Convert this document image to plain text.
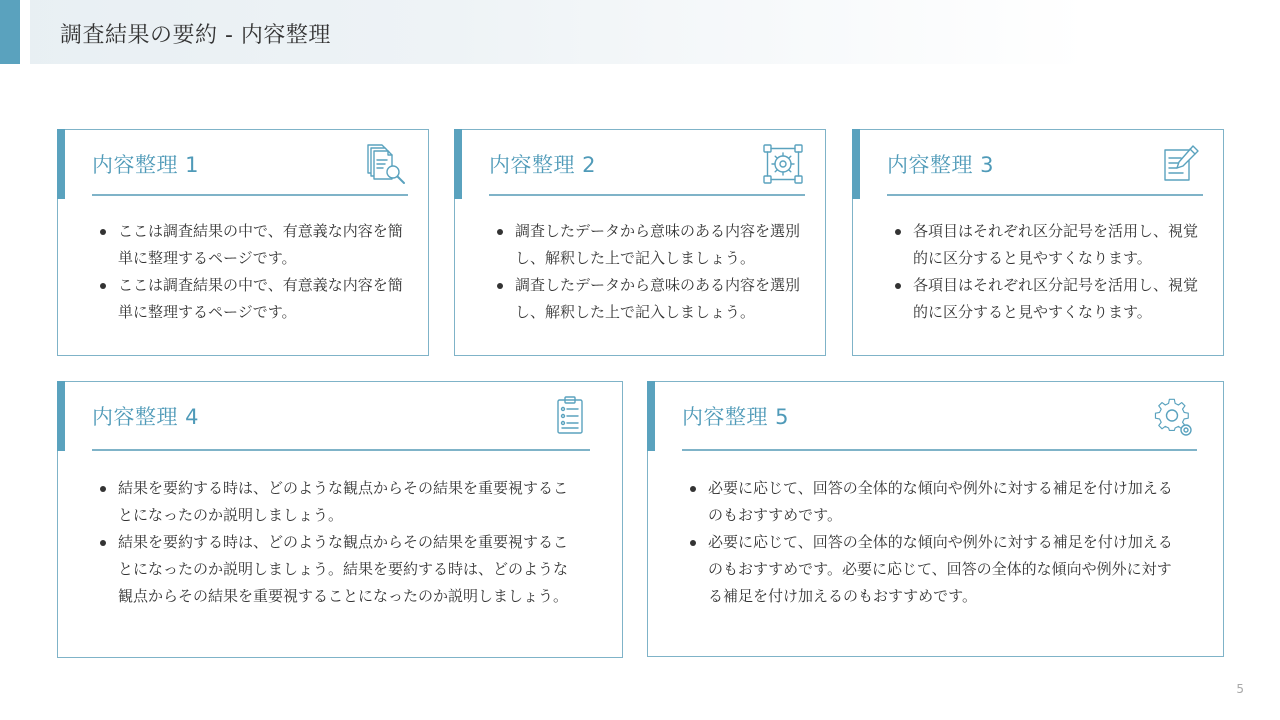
調査結果の要約 - 内容整理
内容整理 1
ここは調査結果の中で、有意義な内容を簡単に整理するページです。
ここは調査結果の中で、有意義な内容を簡単に整理するページです。
内容整理 2
調査したデータから意味のある内容を選別し、解釈した上で記入しましょう。
調査したデータから意味のある内容を選別し、解釈した上で記入しましょう。
内容整理 3
各項目はそれぞれ区分記号を活用し、視覚的に区分すると見やすくなります。
各項目はそれぞれ区分記号を活用し、視覚的に区分すると見やすくなります。
内容整理 4
結果を要約する時は、どのような観点からその結果を重要視することになったのか説明しましょう。
結果を要約する時は、どのような観点からその結果を重要視することになったのか説明しましょう。結果を要約する時は、どのような観点からその結果を重要視することになったのか説明しましょう。
内容整理 5
必要に応じて、回答の全体的な傾向や例外に対する補足を付け加えるのもおすすめです。
必要に応じて、回答の全体的な傾向や例外に対する補足を付け加えるのもおすすめです。必要に応じて、回答の全体的な傾向や例外に対する補足を付け加えるのもおすすめです。
5
